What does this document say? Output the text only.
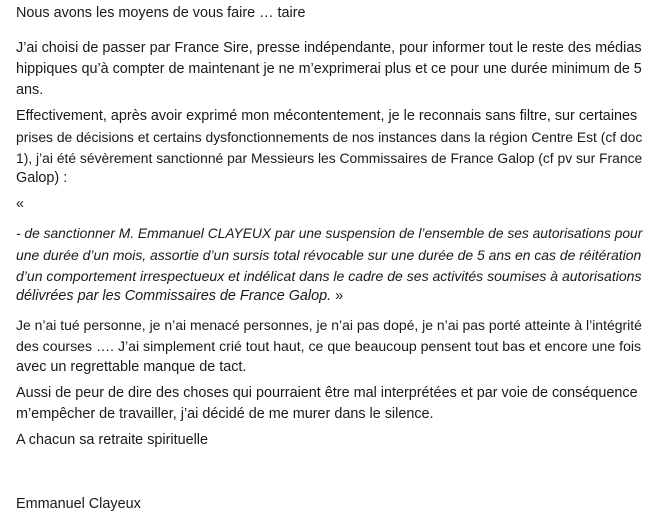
Nous avons les moyens de vous faire … taire

J’ai choisi de passer par France Sire, presse indépendante, pour informer tout le reste des médias
hippiques qu’à compter de maintenant je ne m’exprimerai plus et ce pour une durée minimum de 5
ans.

Effectivement, après avoir exprimé mon mécontentement, je le reconnais sans filtre, sur certaines
prises de décisions et certains dysfonctionnements de nos instances dans la région Centre Est (cf doc
1), j’ai été sévèrement sanctionné par Messieurs les Commissaires de France Galop (cf pv sur France
Galop) :

«

- de sanctionner M. Emmanuel CLAYEUX par une suspension de l’ensemble de ses autorisations pour
une durée d’un mois, assortie d’un sursis total révocable sur une durée de 5 ans en cas de réitération
d’un comportement irrespectueux et indélicat dans le cadre de ses activités soumises à autorisations
délivrées par les Commissaires de France Galop. »

Je n’ai tué personne, je n’ai menacé personnes, je n’ai pas dopé, je n’ai pas porté atteinte à l’intégrité
des courses …. J’ai simplement crié tout haut, ce que beaucoup pensent tout bas et encore une fois
avec un regrettable manque de tact.

Aussi de peur de dire des choses qui pourraient être mal interprétées et par voie de conséquence
m’empêcher de travailler, j’ai décidé de me murer dans le silence.

A chacun sa retraite spirituelle

Emmanuel Clayeux
